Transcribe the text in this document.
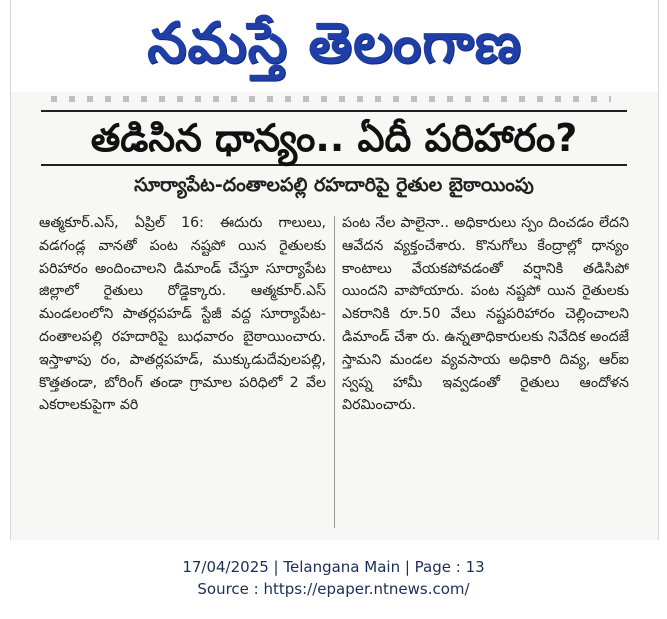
నమస్తే తెలంగాణ
తడిసిన ధాన్యం.. ఏదీ పరిహారం?
సూర్యాపేట-దంతాలపల్లి రహదారిపై రైతుల బైఠాయింపు

ఆత్మకూర్.ఎస్, ఏప్రిల్ 16: ఈదురు గాలులు, వడగండ్ల వానతో పంట నష్టపో యిన రైతులకు పరిహారం అందించాలని డిమాండ్ చేస్తూ సూర్యాపేట జిల్లాలో రైతులు రోడ్డెక్కారు. ఆత్మకూర్.ఎస్ మండలంలోని పాతర్లపహడ్ స్టేజీ వద్ద సూర్యాపేట-దంతాలపల్లి రహదారిపై బుధవారం బైఠాయించారు. ఇస్తాళాపు రం, పాతర్లపహడ్, ముక్కుడుదేవులపల్లి, కొత్తతండా, బోరింగ్ తండా గ్రామాల పరిధిలో 2 వేల ఎకరాలకుపైగా వరి

పంట నేల పాలైనా.. అధికారులు స్పం దించడం లేదని ఆవేదన వ్యక్తంచేశారు. కొనుగోలు కేంద్రాల్లో ధాన్యం కాంటాలు వేయకపోవడంతో వర్షానికి తడిసిపో యిందని వాపోయారు. పంట నష్టపో యిన రైతులకు ఎకరానికి రూ.50 వేలు నష్టపరిహారం చెల్లించాలని డిమాండ్ చేశా రు. ఉన్నతాధికారులకు నివేదిక అందజే స్తామని మండల వ్యవసాయ అధికారి దివ్య, ఆర్ఐ స్వప్న హామీ ఇవ్వడంతో రైతులు ఆందోళన విరమించారు.

17/04/2025 | Telangana Main | Page : 13
Source : https://epaper.ntnews.com/
